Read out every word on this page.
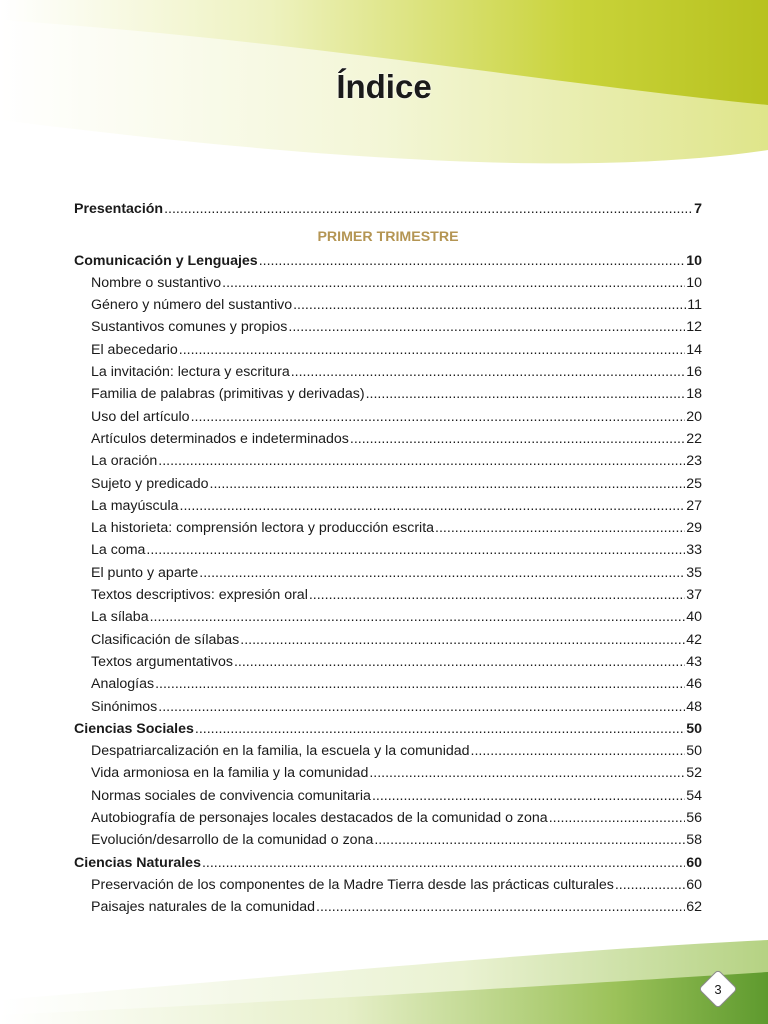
Índice
Presentación .....	7
PRIMER TRIMESTRE
Comunicación y Lenguajes .....	10
Nombre o sustantivo .....	10
Género y número del sustantivo .....	11
Sustantivos comunes y propios .....	12
El abecedario .....	14
La invitación: lectura y escritura .....	16
Familia de palabras (primitivas y derivadas) .....	18
Uso del artículo .....	20
Artículos determinados e indeterminados .....	22
La oración .....	23
Sujeto y predicado .....	25
La mayúscula .....	27
La historieta: comprensión lectora y producción escrita .....	29
La coma .....	33
El punto y aparte .....	35
Textos descriptivos: expresión oral .....	37
La sílaba .....	40
Clasificación de sílabas .....	42
Textos argumentativos .....	43
Analogías .....	46
Sinónimos .....	48
Ciencias Sociales .....	50
Despatriarcalización en la familia, la escuela y la comunidad .....	50
Vida armoniosa en la familia y la comunidad .....	52
Normas sociales de convivencia comunitaria .....	54
Autobiografía de personajes locales destacados de la comunidad o zona .....	56
Evolución/desarrollo de la comunidad o zona .....	58
Ciencias Naturales .....	60
Preservación de los componentes de la Madre Tierra desde las prácticas culturales .....	60
Paisajes naturales de la comunidad .....	62
3
